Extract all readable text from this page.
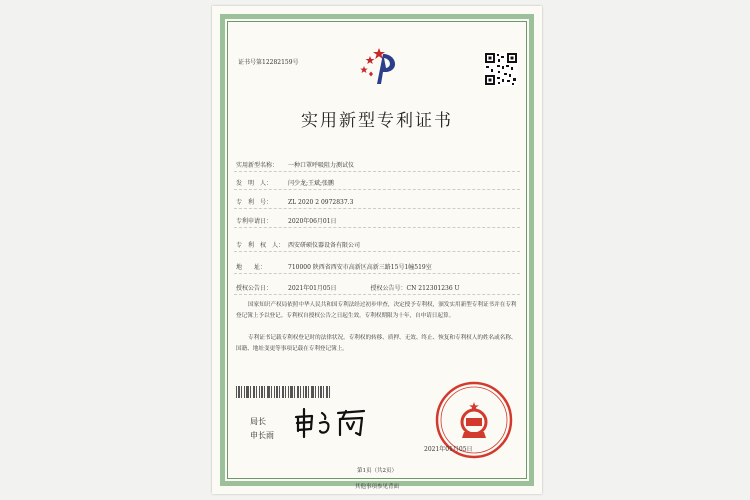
证书号第12282159号

实用新型专利证书

实用新型名称： 一种口罩呼吸阻力测试仪

发　明　人：	闫少龙;王斌;张鹏

专　利　号：	ZL 2020 2 0972837.3

专利申请日：	2020年06月01日

专　利　权　人： 西安研硕仪器设备有限公司

地　　址：	710000 陕西省西安市高新区高新三路15号1幢519室

授权公告日：	2021年01月05日	授权公告号：CN 212301236 U

国家知识产权局依照中华人民共和国专利法经过初步审查，决定授予专利权，颁发实用新型专利证书并在专利登记簿上予以登记。专利权自授权公告之日起生效。专利权期限为十年，自申请日起算。

专利证书记载专利权登记时的法律状况。专利权的转移、质押、无效、终止、恢复和专利权人的姓名或名称、国籍、地址变更等事项记载在专利登记簿上。

局长

申长雨

2021年01月05日

第1页（共2页）

其他事项参见背面
